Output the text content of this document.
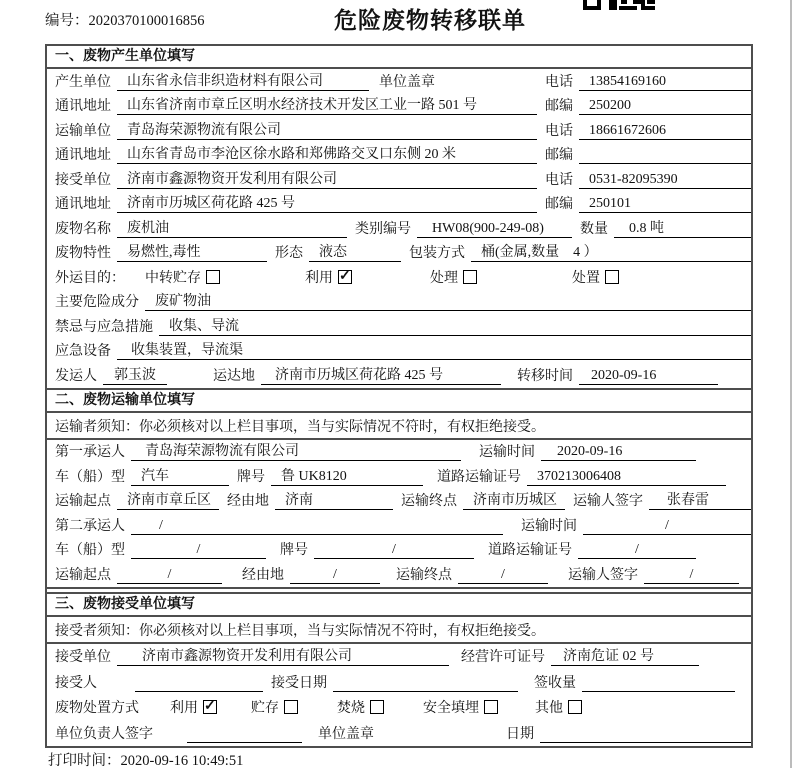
编号：2020370100016856	危险废物转移联单
一、废物产生单位填写
产生单位	山东省永信非织造材料有限公司	单位盖章	电话	13854169160
通讯地址	山东省济南市章丘区明水经济技术开发区工业一路 501 号	邮编	250200
运输单位	青岛海荣源物流有限公司	电话	18661672606
通讯地址	山东省青岛市李沧区徐水路和郑佛路交叉口东侧 20 米	邮编
接受单位	济南市鑫源物资开发利用有限公司	电话	0531-82095390
通讯地址	济南市历城区荷花路 425 号	邮编	250101
废物名称	废机油	类别编号	HW08(900-249-08)	数量	0.8 吨
废物特性	易燃性,毒性	形态	液态	包装方式	桶(金属,数量　4 ）
外运目的：	中转贮存	利用 ✓	处理	处置
主要危险成分	废矿物油
禁忌与应急措施	收集、导流
应急设备	收集装置，导流渠
发运人	郭玉波	运达地	济南市历城区荷花路 425 号	转移时间	2020-09-16
二、废物运输单位填写
运输者须知：你必须核对以上栏目事项，当与实际情况不符时，有权拒绝接受。
第一承运人	青岛海荣源物流有限公司	运输时间	2020-09-16
车（船）型	汽车	牌号	鲁 UK8120	道路运输证号	370213006408
运输起点	济南市章丘区	经由地	济南	运输终点	济南市历城区	运输人签字	张春雷
第二承运人	/	运输时间	/
车（船）型	/	牌号	/	道路运输证号	/
运输起点	/	经由地	/	运输终点	/	运输人签字	/
三、废物接受单位填写
接受者须知：你必须核对以上栏目事项，当与实际情况不符时，有权拒绝接受。
接受单位	济南市鑫源物资开发利用有限公司	经营许可证号	济南危证 02 号
接受人	接受日期	签收量
废物处置方式	利用 ✓	贮存	焚烧	安全填埋	其他
单位负责人签字	单位盖章	日期
打印时间：2020-09-16 10:49:51
